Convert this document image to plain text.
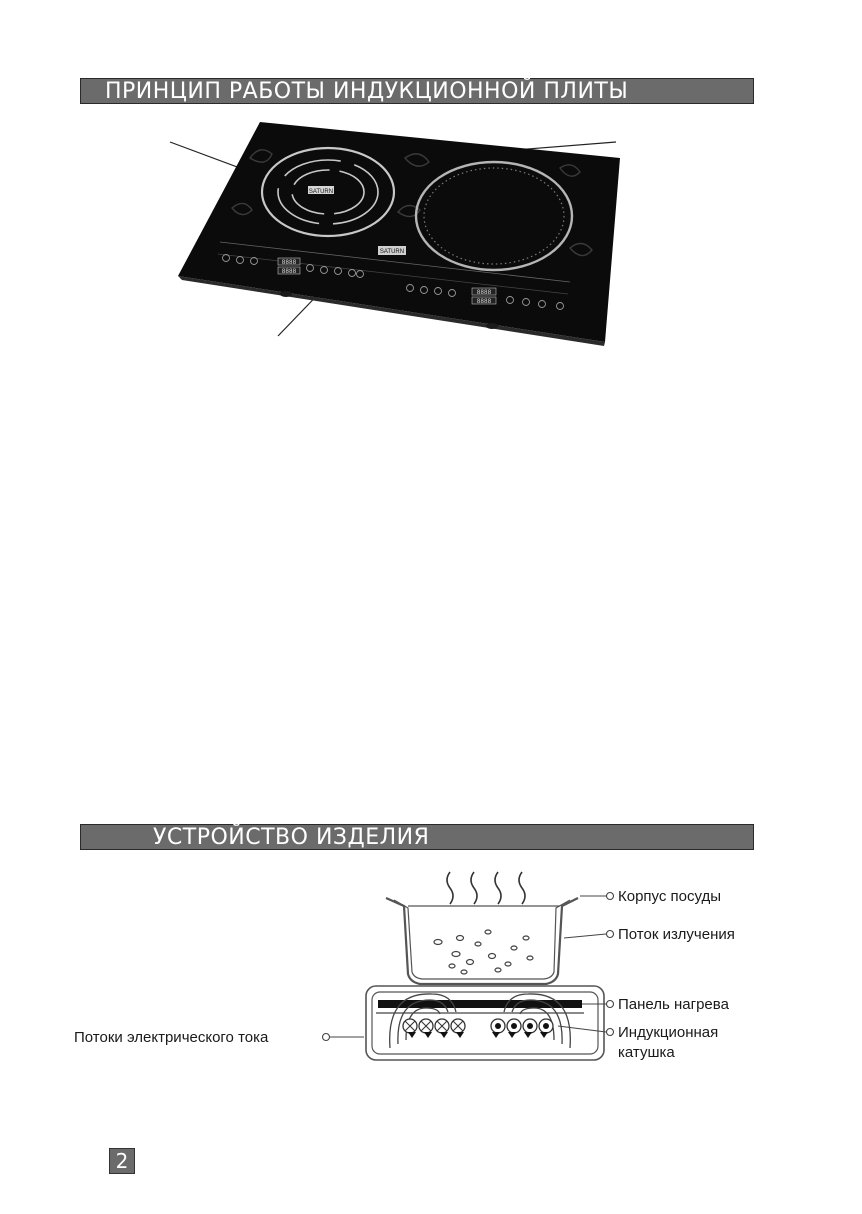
ПРИНЦИП РАБОТЫ ИНДУКЦИОННОЙ ПЛИТЫ
SATURN
SATURN
8888
8888
8888
8888
УСТРОЙСТВО ИЗДЕЛИЯ
Корпус посуды
Поток излучения
Панель нагрева
Индукционная
катушка
Потоки электрического тока
2
